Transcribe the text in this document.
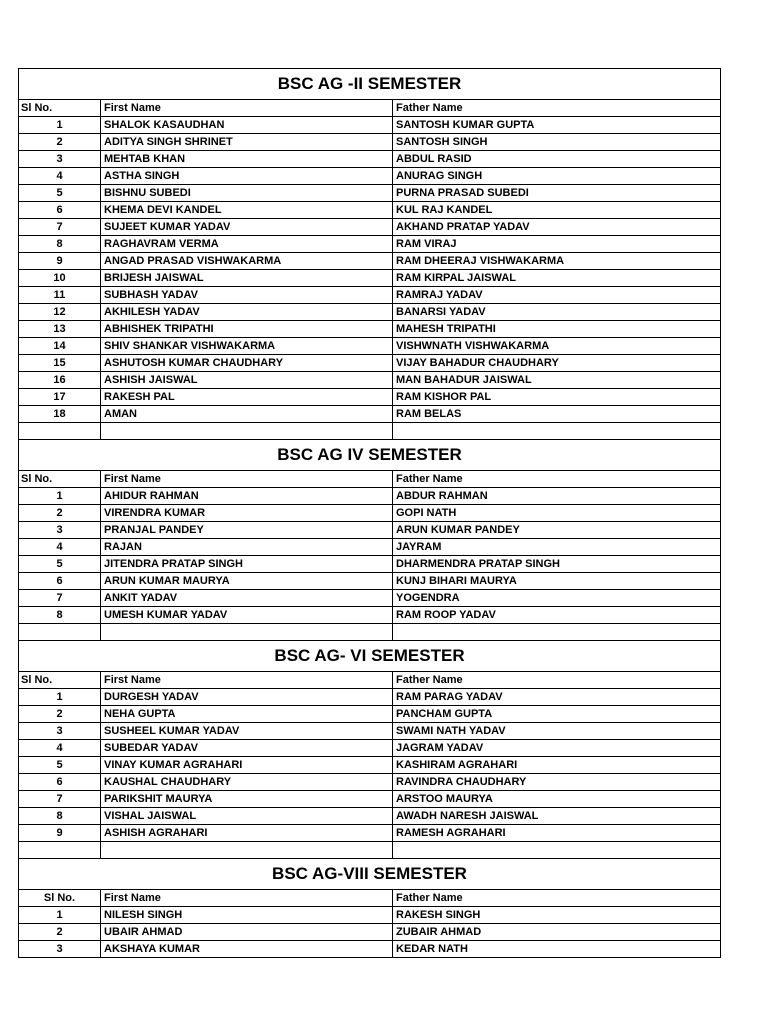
BSC AG -II SEMESTER		
Sl No.	First Name	Father Name
1	SHALOK KASAUDHAN	SANTOSH KUMAR GUPTA
2	ADITYA SINGH SHRINET	SANTOSH SINGH
3	MEHTAB KHAN	ABDUL RASID
4	ASTHA SINGH	ANURAG SINGH
5	BISHNU SUBEDI	PURNA PRASAD SUBEDI
6	KHEMA DEVI KANDEL	KUL RAJ KANDEL
7	SUJEET KUMAR YADAV	AKHAND PRATAP YADAV
8	RAGHAVRAM VERMA	RAM VIRAJ
9	ANGAD PRASAD VISHWAKARMA	RAM DHEERAJ VISHWAKARMA
10	BRIJESH JAISWAL	RAM KIRPAL JAISWAL
11	SUBHASH YADAV	RAMRAJ YADAV
12	AKHILESH YADAV	BANARSI YADAV
13	ABHISHEK TRIPATHI	MAHESH TRIPATHI
14	SHIV SHANKAR VISHWAKARMA	VISHWNATH VISHWAKARMA
15	ASHUTOSH KUMAR CHAUDHARY	VIJAY BAHADUR CHAUDHARY
16	ASHISH JAISWAL	MAN BAHADUR JAISWAL
17	RAKESH PAL	RAM KISHOR PAL
18	AMAN	RAM BELAS

BSC AG IV SEMESTER		
Sl No.	First Name	Father Name
1	AHIDUR RAHMAN	ABDUR RAHMAN
2	VIRENDRA KUMAR	GOPI NATH
3	PRANJAL PANDEY	ARUN KUMAR PANDEY
4	RAJAN	JAYRAM
5	JITENDRA PRATAP SINGH	DHARMENDRA PRATAP SINGH
6	ARUN KUMAR MAURYA	KUNJ BIHARI MAURYA
7	ANKIT YADAV	YOGENDRA
8	UMESH KUMAR YADAV	RAM ROOP YADAV

BSC AG- VI SEMESTER		
Sl No.	First Name	Father Name
1	DURGESH YADAV	RAM PARAG YADAV
2	NEHA GUPTA	PANCHAM GUPTA
3	SUSHEEL KUMAR YADAV	SWAMI NATH YADAV
4	SUBEDAR YADAV	JAGRAM YADAV
5	VINAY KUMAR AGRAHARI	KASHIRAM AGRAHARI
6	KAUSHAL CHAUDHARY	RAVINDRA CHAUDHARY
7	PARIKSHIT MAURYA	ARSTOO MAURYA
8	VISHAL JAISWAL	AWADH NARESH JAISWAL
9	ASHISH AGRAHARI	RAMESH AGRAHARI

BSC AG-VIII SEMESTER		
Sl No.	First Name	Father Name
1	NILESH SINGH	RAKESH SINGH
2	UBAIR AHMAD	ZUBAIR AHMAD
3	AKSHAYA KUMAR	KEDAR NATH
